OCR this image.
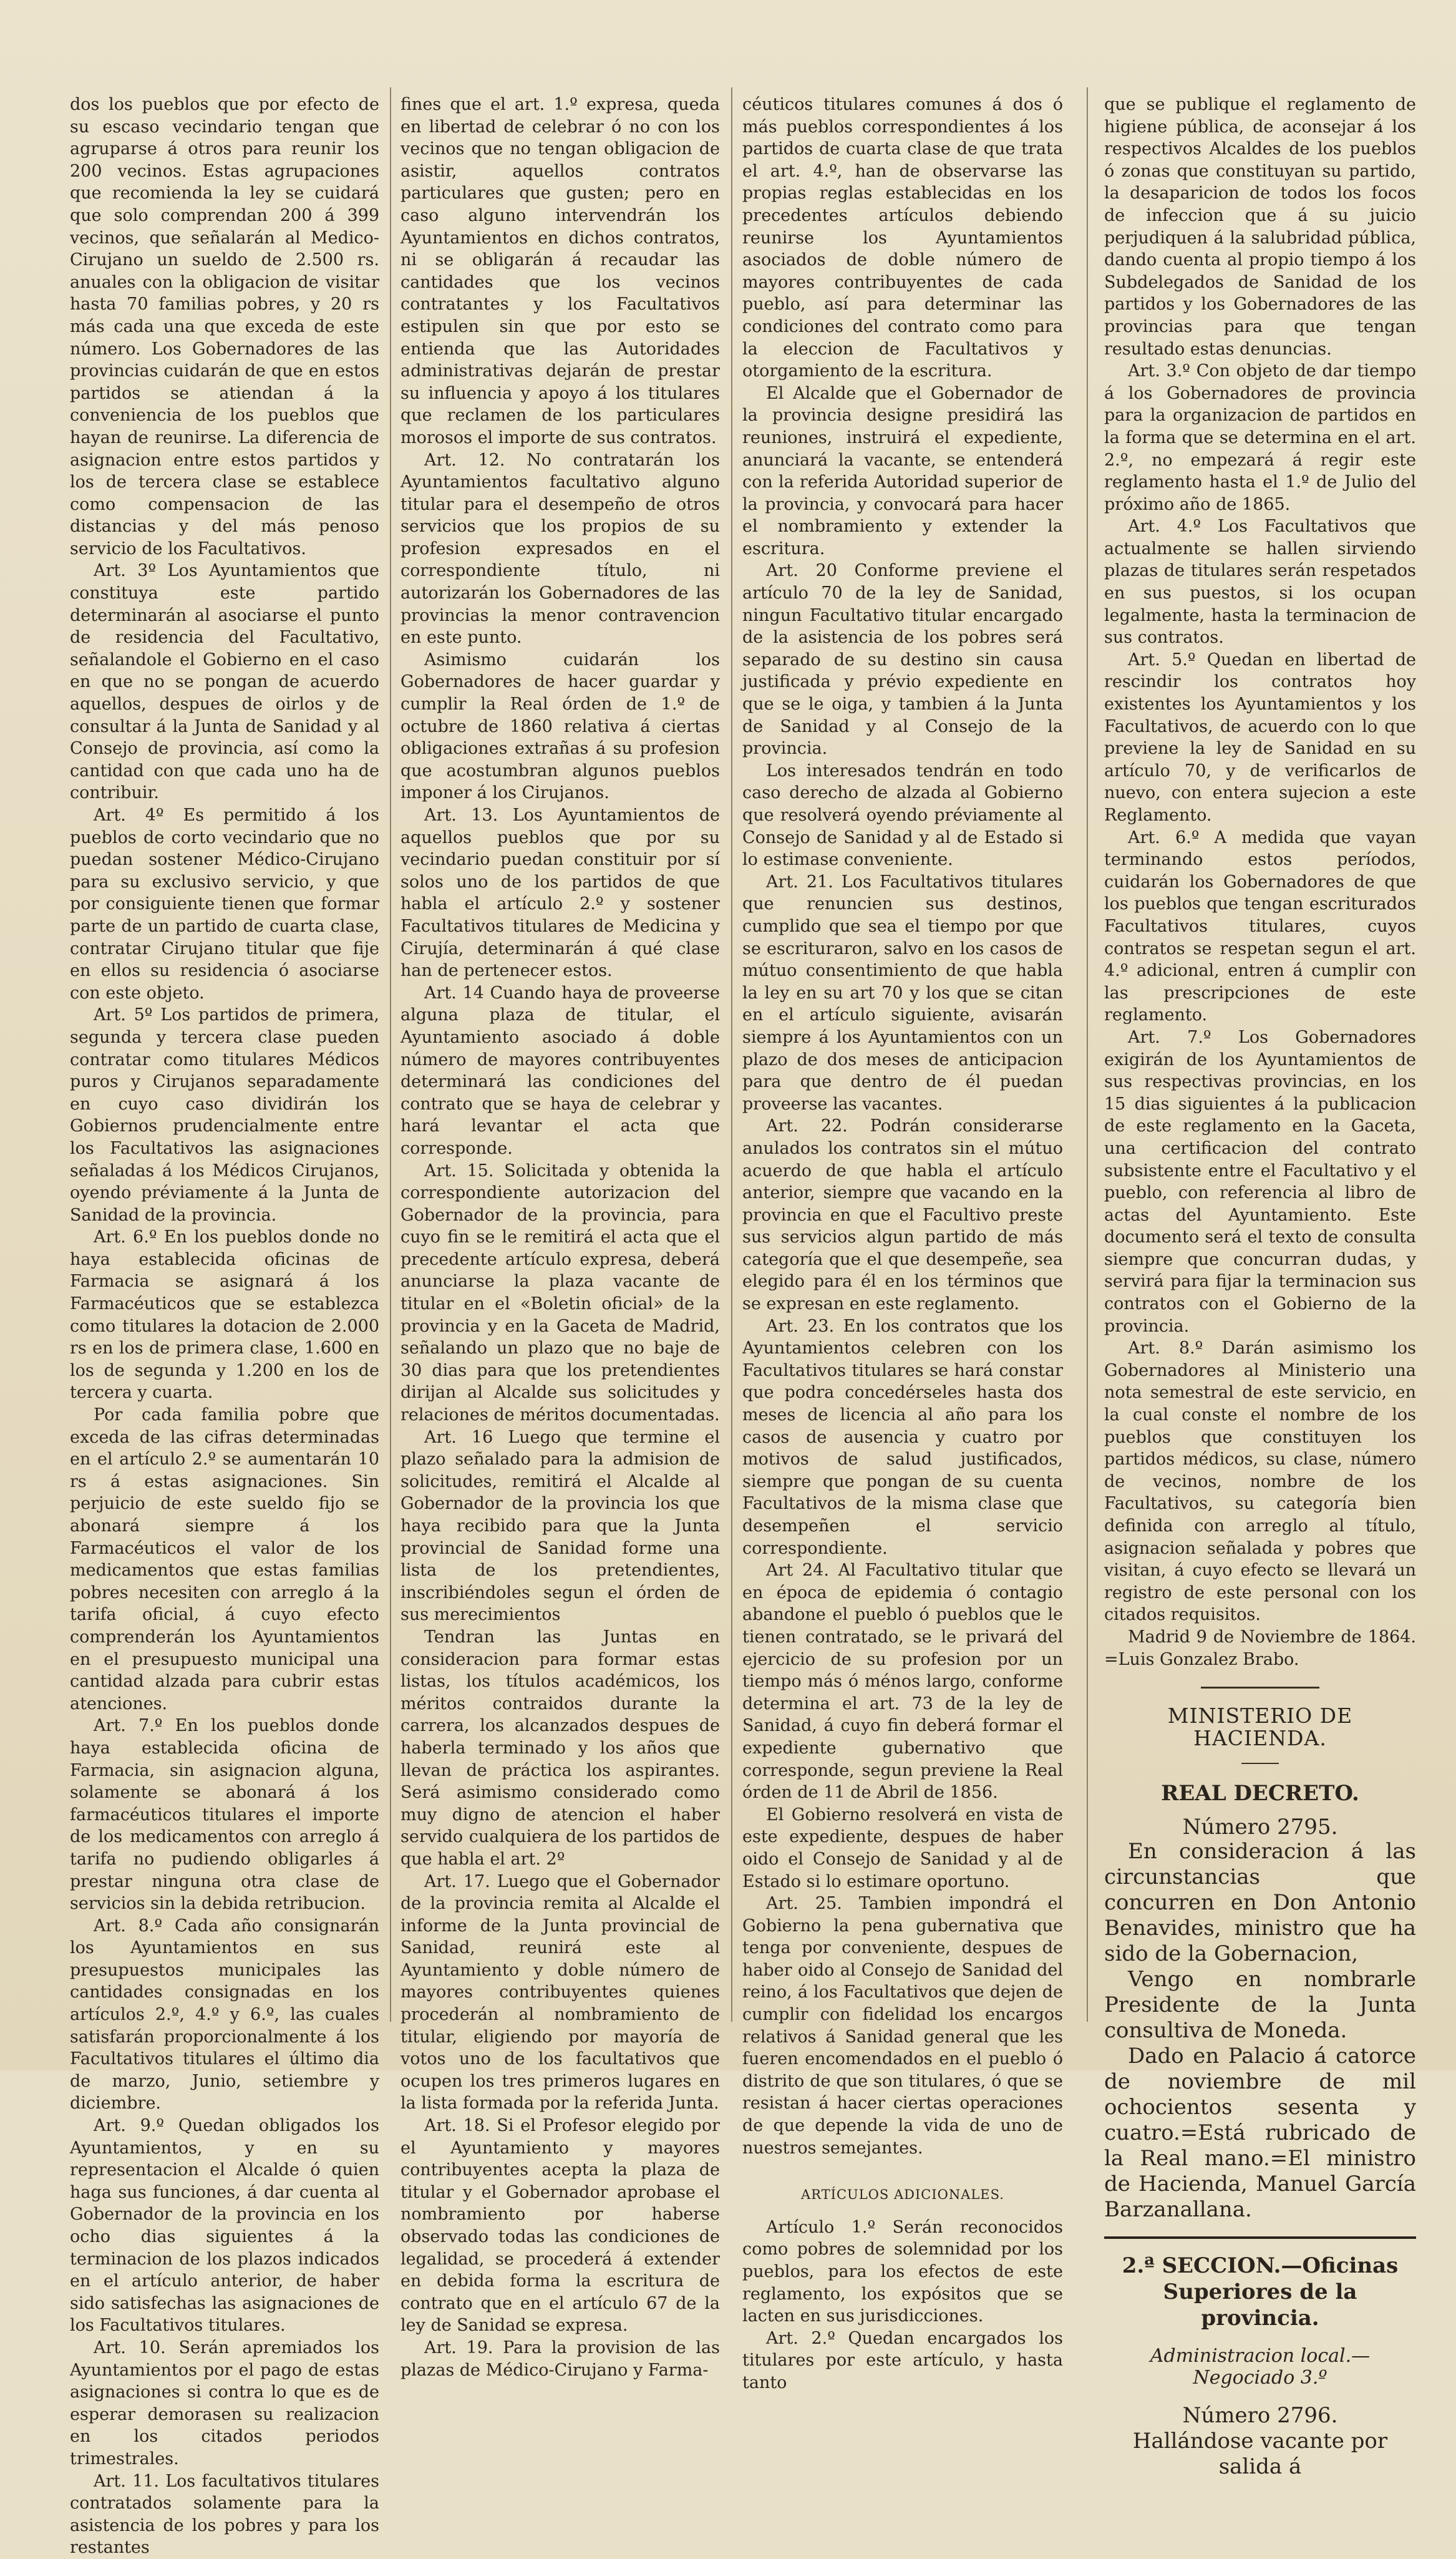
dos los pueblos que por efecto de su escaso vecindario tengan que agruparse á otros para reunir los 200 vecinos. Estas agrupaciones que recomienda la ley se cuidará que solo comprendan 200 á 399 vecinos, que señalarán al Medico-Cirujano un sueldo de 2.500 rs. anuales con la obligacion de visitar hasta 70 familias pobres, y 20 rs más cada una que exceda de este número. Los Gobernadores de las provincias cuidarán de que en estos partidos se atiendan á la conveniencia de los pueblos que hayan de reunirse. La diferencia de asignacion entre estos partidos y los de tercera clase se establece como compensacion de las distancias y del más penoso servicio de los Facultativos.

Art. 3º Los Ayuntamientos que constituya este partido determinarán al asociarse el punto de residencia del Facultativo, señalandole el Gobierno en el caso en que no se pongan de acuerdo aquellos, despues de oirlos y de consultar á la Junta de Sanidad y al Consejo de provincia, así como la cantidad con que cada uno ha de contribuir.

Art. 4º Es permitido á los pueblos de corto vecindario que no puedan sostener Médico-Cirujano para su exclusivo servicio, y que por consiguiente tienen que formar parte de un partido de cuarta clase, contratar Cirujano titular que fije en ellos su residencia ó asociarse con este objeto.

Art. 5º Los partidos de primera, segunda y tercera clase pueden contratar como titulares Médicos puros y Cirujanos separadamente en cuyo caso dividirán los Gobiernos prudencialmente entre los Facultativos las asignaciones señaladas á los Médicos Cirujanos, oyendo préviamente á la Junta de Sanidad de la provincia.

Art. 6.º En los pueblos donde no haya establecida oficinas de Farmacia se asignará á los Farmacéuticos que se establezca como titulares la dotacion de 2.000 rs en los de primera clase, 1.600 en los de segunda y 1.200 en los de tercera y cuarta.

Por cada familia pobre que exceda de las cifras determinadas en el artículo 2.º se aumentarán 10 rs á estas asignaciones. Sin perjuicio de este sueldo fijo se abonará siempre á los Farmacéuticos el valor de los medicamentos que estas familias pobres necesiten con arreglo á la tarifa oficial, á cuyo efecto comprenderán los Ayuntamientos en el presupuesto municipal una cantidad alzada para cubrir estas atenciones.

Art. 7.º En los pueblos donde haya establecida oficina de Farmacia, sin asignacion alguna, solamente se abonará á los farmacéuticos titulares el importe de los medicamentos con arreglo á tarifa no pudiendo obligarles á prestar ninguna otra clase de servicios sin la debida retribucion.

Art. 8.º Cada año consignarán los Ayuntamientos en sus presupuestos municipales las cantidades consignadas en los artículos 2.º, 4.º y 6.º, las cuales satisfarán proporcionalmente á los Facultativos titulares el último dia de marzo, Junio, setiembre y diciembre.

Art. 9.º Quedan obligados los Ayuntamientos, y en su representacion el Alcalde ó quien haga sus funciones, á dar cuenta al Gobernador de la provincia en los ocho dias siguientes á la terminacion de los plazos indicados en el artículo anterior, de haber sido satisfechas las asignaciones de los Facultativos titulares.

Art. 10. Serán apremiados los Ayuntamientos por el pago de estas asignaciones si contra lo que es de esperar demorasen su realizacion en los citados periodos trimestrales.

Art. 11. Los facultativos titulares contratados solamente para la asistencia de los pobres y para los restantes

fines que el art. 1.º expresa, queda en libertad de celebrar ó no con los vecinos que no tengan obligacion de asistir, aquellos contratos particulares que gusten; pero en caso alguno intervendrán los Ayuntamientos en dichos contratos, ni se obligarán á recaudar las cantidades que los vecinos contratantes y los Facultativos estipulen sin que por esto se entienda que las Autoridades administrativas dejarán de prestar su influencia y apoyo á los titulares que reclamen de los particulares morosos el importe de sus contratos.

Art. 12. No contratarán los Ayuntamientos facultativo alguno titular para el desempeño de otros servicios que los propios de su profesion expresados en el correspondiente título, ni autorizarán los Gobernadores de las provincias la menor contravencion en este punto.

Asimismo cuidarán los Gobernadores de hacer guardar y cumplir la Real órden de 1.º de octubre de 1860 relativa á ciertas obligaciones extrañas á su profesion que acostumbran algunos pueblos imponer á los Cirujanos.

Art. 13. Los Ayuntamientos de aquellos pueblos que por su vecindario puedan constituir por sí solos uno de los partidos de que habla el artículo 2.º y sostener Facultativos titulares de Medicina y Cirujía, determinarán á qué clase han de pertenecer estos.

Art. 14 Cuando haya de proveerse alguna plaza de titular, el Ayuntamiento asociado á doble número de mayores contribuyentes determinará las condiciones del contrato que se haya de celebrar y hará levantar el acta que corresponde.

Art. 15. Solicitada y obtenida la correspondiente autorizacion del Gobernador de la provincia, para cuyo fin se le remitirá el acta que el precedente artículo expresa, deberá anunciarse la plaza vacante de titular en el «Boletin oficial» de la provincia y en la Gaceta de Madrid, señalando un plazo que no baje de 30 dias para que los pretendientes dirijan al Alcalde sus solicitudes y relaciones de méritos documentadas.

Art. 16 Luego que termine el plazo señalado para la admision de solicitudes, remitirá el Alcalde al Gobernador de la provincia los que haya recibido para que la Junta provincial de Sanidad forme una lista de los pretendientes, inscribiéndoles segun el órden de sus merecimientos

Tendran las Juntas en consideracion para formar estas listas, los títulos académicos, los méritos contraidos durante la carrera, los alcanzados despues de haberla terminado y los años que llevan de práctica los aspirantes. Será asimismo considerado como muy digno de atencion el haber servido cualquiera de los partidos de que habla el art. 2º

Art. 17. Luego que el Gobernador de la provincia remita al Alcalde el informe de la Junta provincial de Sanidad, reunirá este al Ayuntamiento y doble número de mayores contribuyentes quienes procederán al nombramiento de titular, eligiendo por mayoría de votos uno de los facultativos que ocupen los tres primeros lugares en la lista formada por la referida Junta.

Art. 18. Si el Profesor elegido por el Ayuntamiento y mayores contribuyentes acepta la plaza de titular y el Gobernador aprobase el nombramiento por haberse observado todas las condiciones de legalidad, se procederá á extender en debida forma la escritura de contrato que en el artículo 67 de la ley de Sanidad se expresa.

Art. 19. Para la provision de las plazas de Médico-Cirujano y Farma-

céuticos titulares comunes á dos ó más pueblos correspondientes á los partidos de cuarta clase de que trata el art. 4.º, han de observarse las propias reglas establecidas en los precedentes artículos debiendo reunirse los Ayuntamientos asociados de doble número de mayores contribuyentes de cada pueblo, así para determinar las condiciones del contrato como para la eleccion de Facultativos y otorgamiento de la escritura.

El Alcalde que el Gobernador de la provincia designe presidirá las reuniones, instruirá el expediente, anunciará la vacante, se entenderá con la referida Autoridad superior de la provincia, y convocará para hacer el nombramiento y extender la escritura.

Art. 20 Conforme previene el artículo 70 de la ley de Sanidad, ningun Facultativo titular encargado de la asistencia de los pobres será separado de su destino sin causa justificada y prévio expediente en que se le oiga, y tambien á la Junta de Sanidad y al Consejo de la provincia.

Los interesados tendrán en todo caso derecho de alzada al Gobierno que resolverá oyendo préviamente al Consejo de Sanidad y al de Estado si lo estimase conveniente.

Art. 21. Los Facultativos titulares que renuncien sus destinos, cumplido que sea el tiempo por que se escrituraron, salvo en los casos de mútuo consentimiento de que habla la ley en su art 70 y los que se citan en el artículo siguiente, avisarán siempre á los Ayuntamientos con un plazo de dos meses de anticipacion para que dentro de él puedan proveerse las vacantes.

Art. 22. Podrán considerarse anulados los contratos sin el mútuo acuerdo de que habla el artículo anterior, siempre que vacando en la provincia en que el Facultivo preste sus servicios algun partido de más categoría que el que desempeñe, sea elegido para él en los términos que se expresan en este reglamento.

Art. 23. En los contratos que los Ayuntamientos celebren con los Facultativos titulares se hará constar que podra concedérseles hasta dos meses de licencia al año para los casos de ausencia y cuatro por motivos de salud justificados, siempre que pongan de su cuenta Facultativos de la misma clase que desempeñen el servicio correspondiente.

Art 24. Al Facultativo titular que en época de epidemia ó contagio abandone el pueblo ó pueblos que le tienen contratado, se le privará del ejercicio de su profesion por un tiempo más ó ménos largo, conforme determina el art. 73 de la ley de Sanidad, á cuyo fin deberá formar el expediente gubernativo que corresponde, segun previene la Real órden de 11 de Abril de 1856.

El Gobierno resolverá en vista de este expediente, despues de haber oido el Consejo de Sanidad y al de Estado si lo estimare oportuno.

Art. 25. Tambien impondrá el Gobierno la pena gubernativa que tenga por conveniente, despues de haber oido al Consejo de Sanidad del reino, á los Facultativos que dejen de cumplir con fidelidad los encargos relativos á Sanidad general que les fueren encomendados en el pueblo ó distrito de que son titulares, ó que se resistan á hacer ciertas operaciones de que depende la vida de uno de nuestros semejantes.

ARTÍCULOS ADICIONALES.

Artículo 1.º Serán reconocidos como pobres de solemnidad por los pueblos, para los efectos de este reglamento, los expósitos que se lacten en sus jurisdicciones.

Art. 2.º Quedan encargados los titulares por este artículo, y hasta tanto

que se publique el reglamento de higiene pública, de aconsejar á los respectivos Alcaldes de los pueblos ó zonas que constituyan su partido, la desaparicion de todos los focos de infeccion que á su juicio perjudiquen á la salubridad pública, dando cuenta al propio tiempo á los Subdelegados de Sanidad de los partidos y los Gobernadores de las provincias para que tengan resultado estas denuncias.

Art. 3.º Con objeto de dar tiempo á los Gobernadores de provincia para la organizacion de partidos en la forma que se determina en el art. 2.º, no empezará á regir este reglamento hasta el 1.º de Julio del próximo año de 1865.

Art. 4.º Los Facultativos que actualmente se hallen sirviendo plazas de titulares serán respetados en sus puestos, si los ocupan legalmente, hasta la terminacion de sus contratos.

Art. 5.º Quedan en libertad de rescindir los contratos hoy existentes los Ayuntamientos y los Facultativos, de acuerdo con lo que previene la ley de Sanidad en su artículo 70, y de verificarlos de nuevo, con entera sujecion a este Reglamento.

Art. 6.º A medida que vayan terminando estos períodos, cuidarán los Gobernadores de que los pueblos que tengan escriturados Facultativos titulares, cuyos contratos se respetan segun el art. 4.º adicional, entren á cumplir con las prescripciones de este reglamento.

Art. 7.º Los Gobernadores exigirán de los Ayuntamientos de sus respectivas provincias, en los 15 dias siguientes á la publicacion de este reglamento en la Gaceta, una certificacion del contrato subsistente entre el Facultativo y el pueblo, con referencia al libro de actas del Ayuntamiento. Este documento será el texto de consulta siempre que concurran dudas, y servirá para fijar la terminacion sus contratos con el Gobierno de la provincia.

Art. 8.º Darán asimismo los Gobernadores al Ministerio una nota semestral de este servicio, en la cual conste el nombre de los pueblos que constituyen los partidos médicos, su clase, número de vecinos, nombre de los Facultativos, su categoría bien definida con arreglo al título, asignacion señalada y pobres que visitan, á cuyo efecto se llevará un registro de este personal con los citados requisitos.

Madrid 9 de Noviembre de 1864. =Luis Gonzalez Brabo.

MINISTERIO DE HACIENDA.
REAL DECRETO.
Número 2795.

En consideracion á las circunstancias que concurren en Don Antonio Benavides, ministro que ha sido de la Gobernacion,

Vengo en nombrarle Presidente de la Junta consultiva de Moneda.

Dado en Palacio á catorce de noviembre de mil ochocientos sesenta y cuatro.=Está rubricado de la Real mano.=El ministro de Hacienda, Manuel García Barzanallana.

2.ª SECCION.—Oficinas Superiores de la provincia.
Administracion local.—Negociado 3.º
Número 2796.

Hallándose vacante por salida á
